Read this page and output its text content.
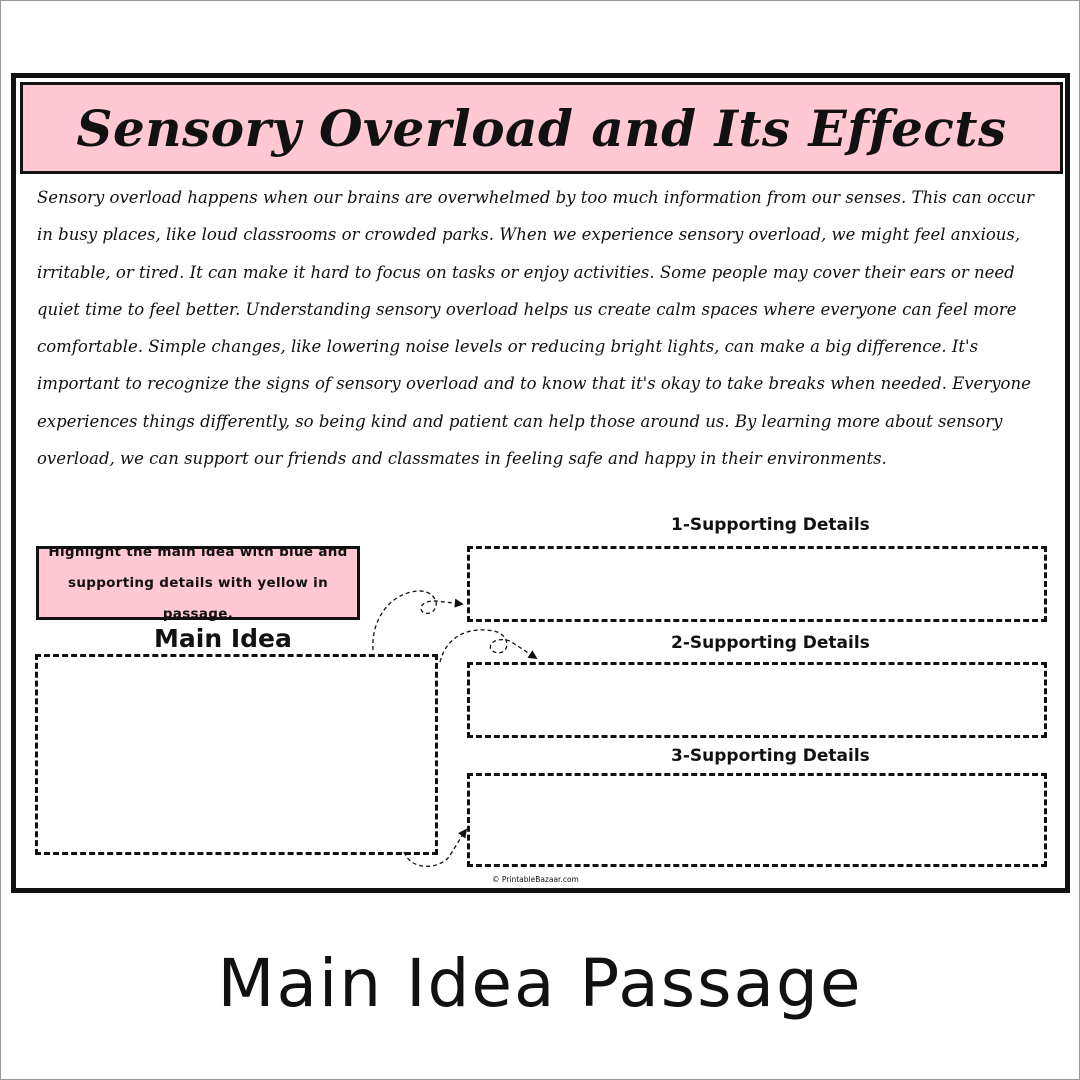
Sensory Overload and Its Effects

Sensory overload happens when our brains are overwhelmed by too much information from our senses. This can occur in busy places, like loud classrooms or crowded parks. When we experience sensory overload, we might feel anxious, irritable, or tired. It can make it hard to focus on tasks or enjoy activities. Some people may cover their ears or need quiet time to feel better. Understanding sensory overload helps us create calm spaces where everyone can feel more comfortable. Simple changes, like lowering noise levels or reducing bright lights, can make a big difference. It's important to recognize the signs of sensory overload and to know that it's okay to take breaks when needed. Everyone experiences things differently, so being kind and patient can help those around us. By learning more about sensory overload, we can support our friends and classmates in feeling safe and happy in their environments.

Highlight the main idea with blue and supporting details with yellow in passage.
Main Idea
1-Supporting Details
2-Supporting Details
3-Supporting Details
© PrintableBazaar.com
Main Idea Passage
